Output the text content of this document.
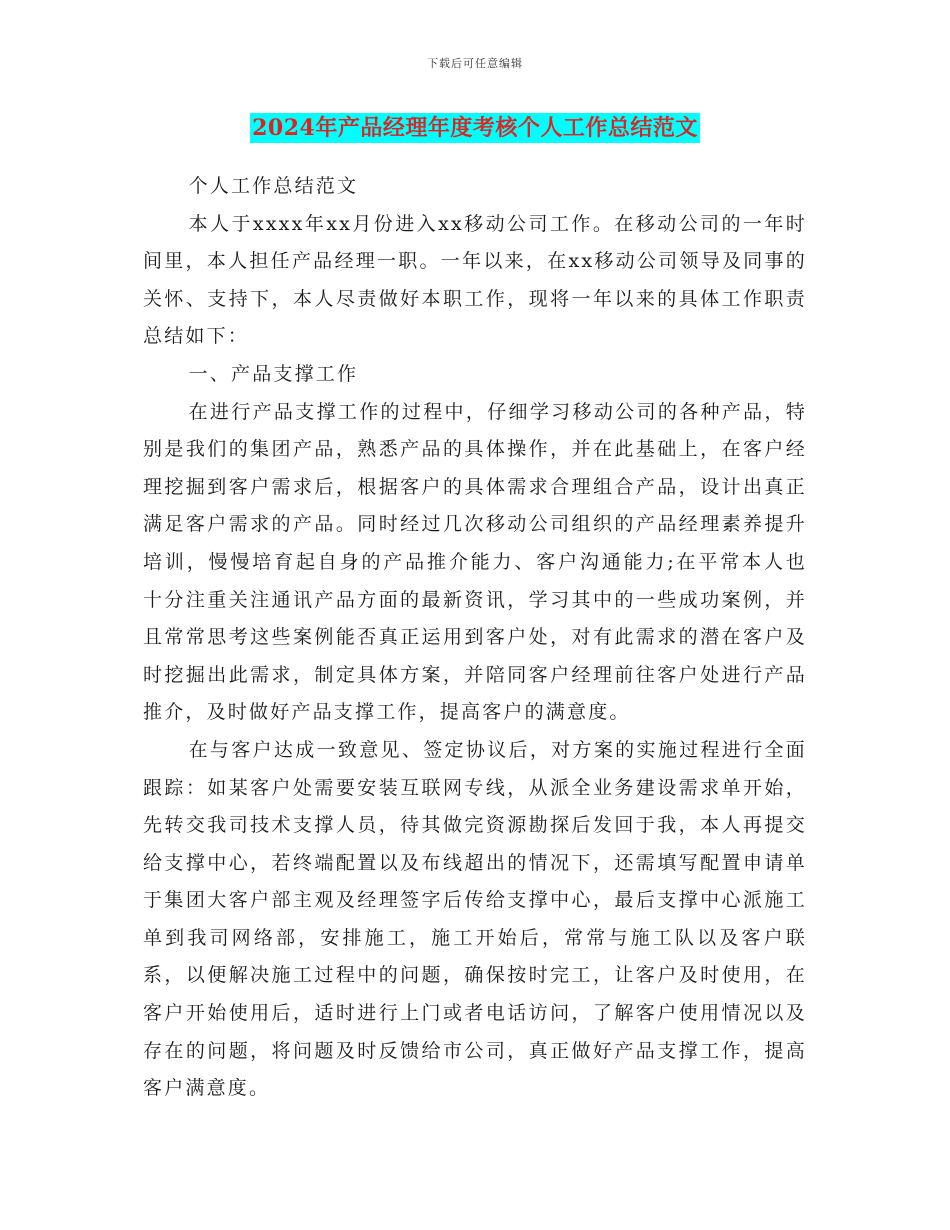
下载后可任意编辑
2024年产品经理年度考核个人工作总结范文

个人工作总结范文

本人于xxxx年xx月份进入xx移动公司工作。在移动公司的一年时间里，本人担任产品经理一职。一年以来，在xx移动公司领导及同事的关怀、支持下，本人尽责做好本职工作，现将一年以来的具体工作职责总结如下：

一、产品支撑工作

在进行产品支撑工作的过程中，仔细学习移动公司的各种产品，特别是我们的集团产品，熟悉产品的具体操作，并在此基础上，在客户经理挖掘到客户需求后，根据客户的具体需求合理组合产品，设计出真正满足客户需求的产品。同时经过几次移动公司组织的产品经理素养提升培训，慢慢培育起自身的产品推介能力、客户沟通能力;在平常本人也十分注重关注通讯产品方面的最新资讯，学习其中的一些成功案例，并且常常思考这些案例能否真正运用到客户处，对有此需求的潜在客户及时挖掘出此需求，制定具体方案，并陪同客户经理前往客户处进行产品推介，及时做好产品支撑工作，提高客户的满意度。

在与客户达成一致意见、签定协议后，对方案的实施过程进行全面跟踪：如某客户处需要安装互联网专线，从派全业务建设需求单开始，先转交我司技术支撑人员，待其做完资源勘探后发回于我，本人再提交给支撑中心，若终端配置以及布线超出的情况下，还需填写配置申请单于集团大客户部主观及经理签字后传给支撑中心，最后支撑中心派施工单到我司网络部，安排施工，施工开始后，常常与施工队以及客户联系，以便解决施工过程中的问题，确保按时完工，让客户及时使用，在客户开始使用后，适时进行上门或者电话访问，了解客户使用情况以及存在的问题，将问题及时反馈给市公司，真正做好产品支撑工作，提高客户满意度。
